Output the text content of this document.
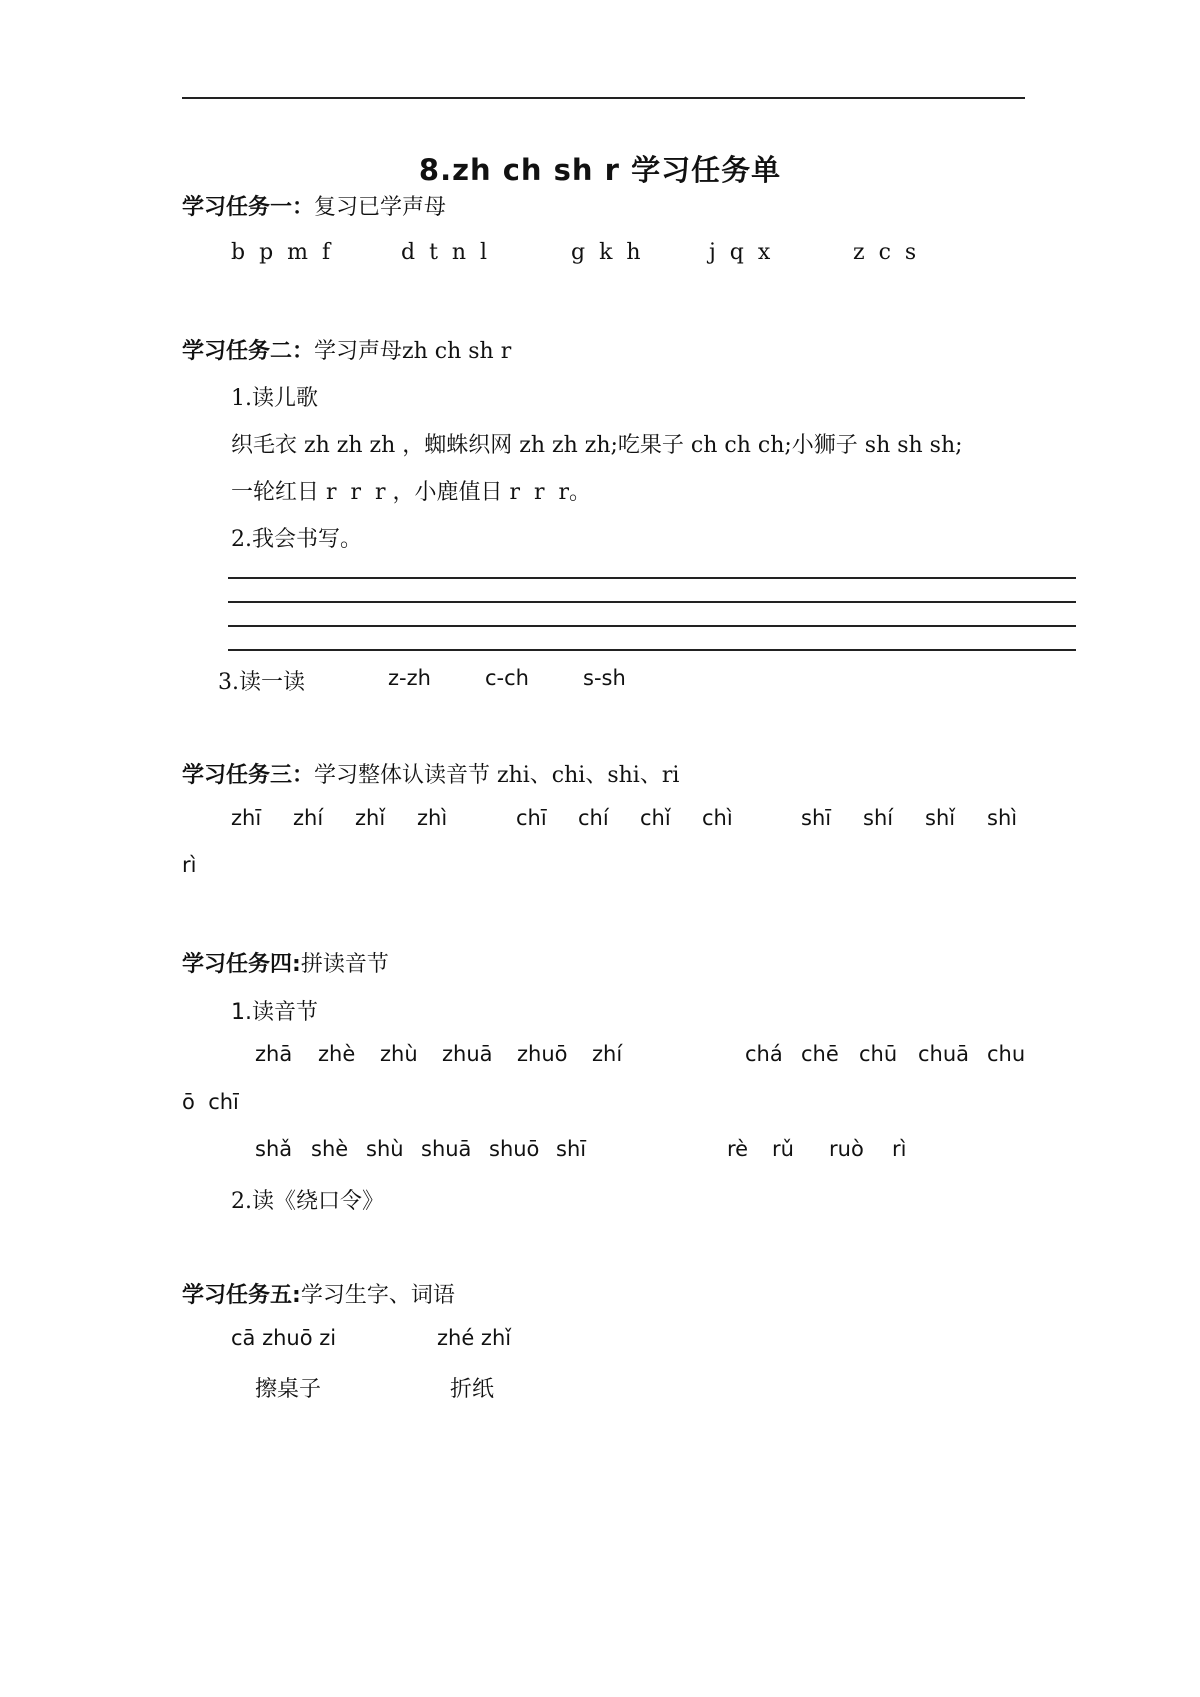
8.zh ch sh r 学习任务单
学习任务一：复习已学声母
b  p  m  f	d  t  n  l	g  k  h	j  q  x	z  c  s
学习任务二：学习声母zh ch sh r
1.读儿歌
织毛衣 zh zh zh ，蜘蛛织网 zh zh zh;吃果子 ch ch ch;小狮子 sh sh sh;
一轮红日 r  r  r ，小鹿值日 r  r  r。
2.我会书写。
3.读一读	z-zh	c-ch	s-sh
学习任务三：学习整体认读音节 zhi、chi、shi、ri
zhī zhí zhǐ zhì	chī chí chǐ chì	shī shí shǐ shì
rì
学习任务四:拼读音节
1.读音节
zhā zhè zhù zhuā zhuō zhí	chá chē chū chuā chu
ō  chī
shǎ shè shù shuā shuō shī	rè rǔ ruò rì
2.读《绕口令》
学习任务五:学习生字、词语
cā zhuō zi	zhé zhǐ
擦桌子	折纸
